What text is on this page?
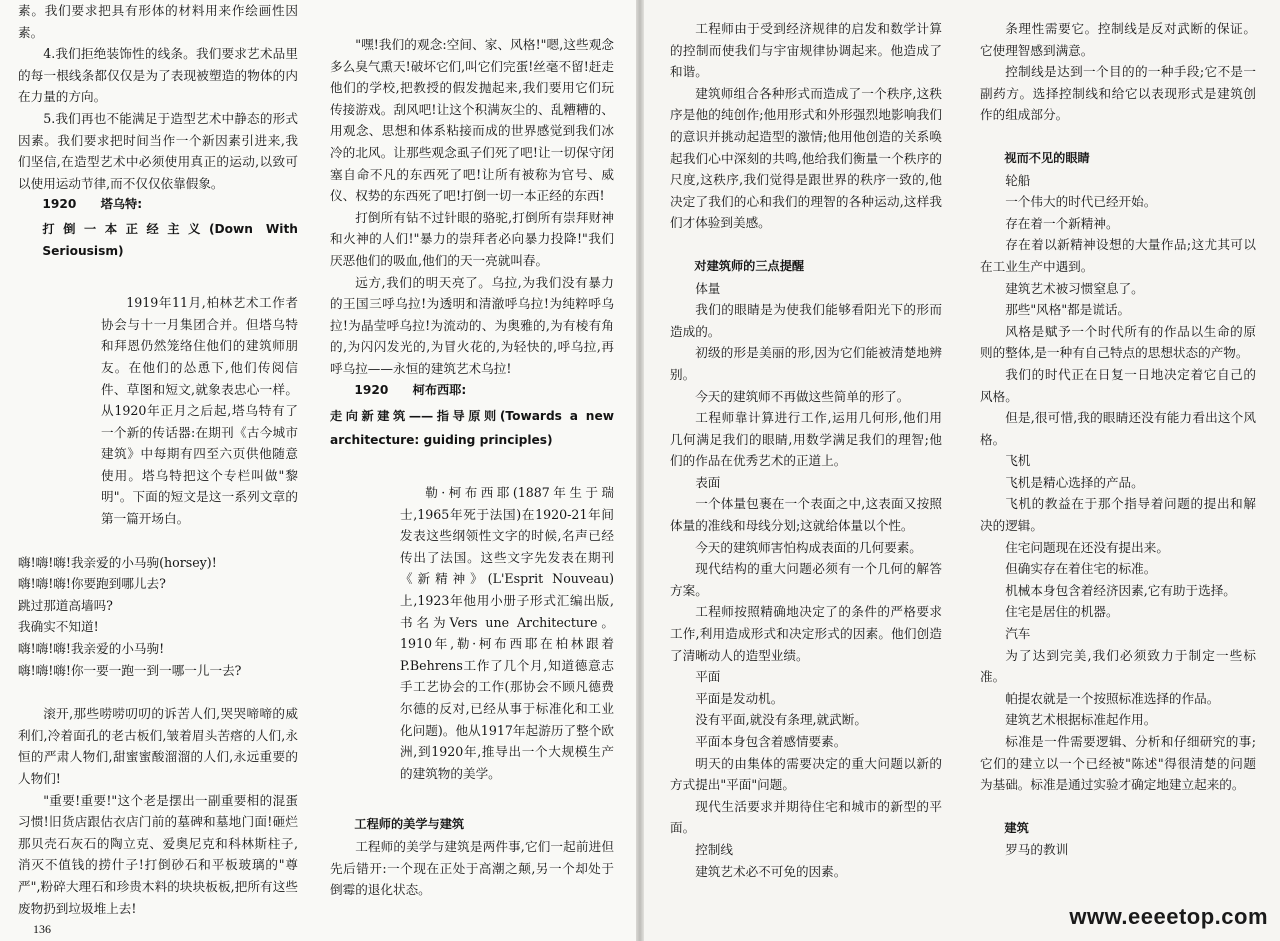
素。我们要求把具有形体的材料用来作绘画性因素。

4.我们拒绝装饰性的线条。我们要求艺术品里的每一根线条都仅仅是为了表现被塑造的物体的内在力量的方向。

5.我们再也不能满足于造型艺术中静态的形式因素。我们要求把时间当作一个新因素引进来,我们坚信,在造型艺术中必须使用真正的运动,以致可以使用运动节律,而不仅仅依靠假象。

1920　　塔乌特:

打倒一本正经主义(Down With Seriousism)

1919年11月,柏林艺术工作者协会与十一月集团合并。但塔乌特和拜恩仍然笼络住他们的建筑师朋友。在他们的怂恿下,他们传阅信件、草图和短文,就象表忠心一样。从1920年正月之后起,塔乌特有了一个新的传话器:在期刊《古今城市建筑》中每期有四至六页供他随意使用。塔乌特把这个专栏叫做"黎明"。下面的短文是这一系列文章的第一篇开场白。

嗨!嗨!嗨!我亲爱的小马驹(horsey)!

嗨!嗨!嗨!你要跑到哪儿去?

跳过那道高墙吗?

我确实不知道!

嗨!嗨!嗨!我亲爱的小马驹!

嗨!嗨!嗨!你一要一跑一到一哪一儿一去?

滚开,那些唠唠叨叨的诉苦人们,哭哭啼啼的威利们,冷着面孔的老古板们,皱着眉头苦瘩的人们,永恒的严肃人物们,甜蜜蜜酸溜溜的人们,永远重要的人物们!

"重要!重要!"这个老是摆出一副重要相的混蛋习惯!旧货店跟估衣店门前的墓碑和墓地门面!砸烂那贝壳石灰石的陶立克、爱奥尼克和科林斯柱子,消灭不值钱的捞什子!打倒砂石和平板玻璃的"尊严",粉碎大理石和珍贵木料的块块板板,把所有这些废物扔到垃圾堆上去!

"嘿!我们的观念:空间、家、风格!"嗯,这些观念多么臭气熏天!破坏它们,叫它们完蛋!丝毫不留!赶走他们的学校,把教授的假发抛起来,我们要用它们玩传接游戏。刮风吧!让这个积满灰尘的、乱糟糟的、用观念、思想和体系粘接而成的世界感觉到我们冰冷的北风。让那些观念虱子们死了吧!让一切保守闭塞自命不凡的东西死了吧!让所有被称为官号、威仪、权势的东西死了吧!打倒一切一本正经的东西!

打倒所有钻不过针眼的骆驼,打倒所有崇拜财神和火神的人们!"暴力的崇拜者必向暴力投降!"我们厌恶他们的吸血,他们的天一亮就叫春。

远方,我们的明天亮了。乌拉,为我们没有暴力的王国三呼乌拉!为透明和清澈呼乌拉!为纯粹呼乌拉!为晶莹呼乌拉!为流动的、为奥雅的,为有棱有角的,为闪闪发光的,为冒火花的,为轻快的,呼乌拉,再呼乌拉——永恒的建筑艺术乌拉!

1920　　柯布西耶:

走向新建筑——指导原则(Towards a new architecture: guiding principles)

勒·柯布西耶(1887年生于瑞士,1965年死于法国)在1920-21年间发表这些纲领性文字的时候,名声已经传出了法国。这些文字先发表在期刊《新精神》(L'Esprit Nouveau)上,1923年他用小册子形式汇编出版,书名为Vers une Architecture。1910年,勒·柯布西耶在柏林跟着P.Behrens工作了几个月,知道德意志手工艺协会的工作(那协会不顾凡德费尔德的反对,已经从事于标准化和工业化问题)。他从1917年起游历了整个欧洲,到1920年,推导出一个大规模生产的建筑物的美学。

工程师的美学与建筑

工程师的美学与建筑是两件事,它们一起前进但先后错开:一个现在正处于高潮之颠,另一个却处于倒霉的退化状态。

工程师由于受到经济规律的启发和数学计算的控制而使我们与宇宙规律协调起来。他造成了和谐。

建筑师组合各种形式而造成了一个秩序,这秩序是他的纯创作;他用形式和外形强烈地影响我们的意识并挑动起造型的激情;他用他创造的关系唤起我们心中深刻的共鸣,他给我们衡量一个秩序的尺度,这秩序,我们觉得是跟世界的秩序一致的,他决定了我们的心和我们的理智的各种运动,这样我们才体验到美感。

对建筑师的三点提醒

体量

我们的眼睛是为使我们能够看阳光下的形而造成的。

初级的形是美丽的形,因为它们能被清楚地辨别。

今天的建筑师不再做这些简单的形了。

工程师靠计算进行工作,运用几何形,他们用几何满足我们的眼睛,用数学满足我们的理智;他们的作品在优秀艺术的正道上。

表面

一个体量包裹在一个表面之中,这表面又按照体量的准线和母线分划;这就给体量以个性。

今天的建筑师害怕构成表面的几何要素。

现代结构的重大问题必须有一个几何的解答方案。

工程师按照精确地决定了的条件的严格要求工作,利用造成形式和决定形式的因素。他们创造了清晰动人的造型业绩。

平面

平面是发动机。

没有平面,就没有条理,就武断。

平面本身包含着感情要素。

明天的由集体的需要决定的重大问题以新的方式提出"平面"问题。

现代生活要求并期待住宅和城市的新型的平面。

控制线

建筑艺术必不可免的因素。

条理性需要它。控制线是反对武断的保证。它使理智感到满意。

控制线是达到一个目的的一种手段;它不是一副药方。选择控制线和给它以表现形式是建筑创作的组成部分。

视而不见的眼睛

轮船

一个伟大的时代已经开始。

存在着一个新精神。

存在着以新精神设想的大量作品;这尤其可以在工业生产中遇到。

建筑艺术被习惯窒息了。

那些"风格"都是谎话。

风格是赋予一个时代所有的作品以生命的原则的整体,是一种有自己特点的思想状态的产物。

我们的时代正在日复一日地决定着它自己的风格。

但是,很可惜,我的眼睛还没有能力看出这个风格。

飞机

飞机是精心选择的产品。

飞机的教益在于那个指导着问题的提出和解决的逻辑。

住宅问题现在还没有提出来。

但确实存在着住宅的标准。

机械本身包含着经济因素,它有助于选择。

住宅是居住的机器。

汽车

为了达到完美,我们必须致力于制定一些标准。

帕提农就是一个按照标准选择的作品。

建筑艺术根据标准起作用。

标准是一件需要逻辑、分析和仔细研究的事;它们的建立以一个已经被"陈述"得很清楚的问题为基础。标准是通过实验才确定地建立起来的。

建筑

罗马的教训

136	www.eeeetop.com
